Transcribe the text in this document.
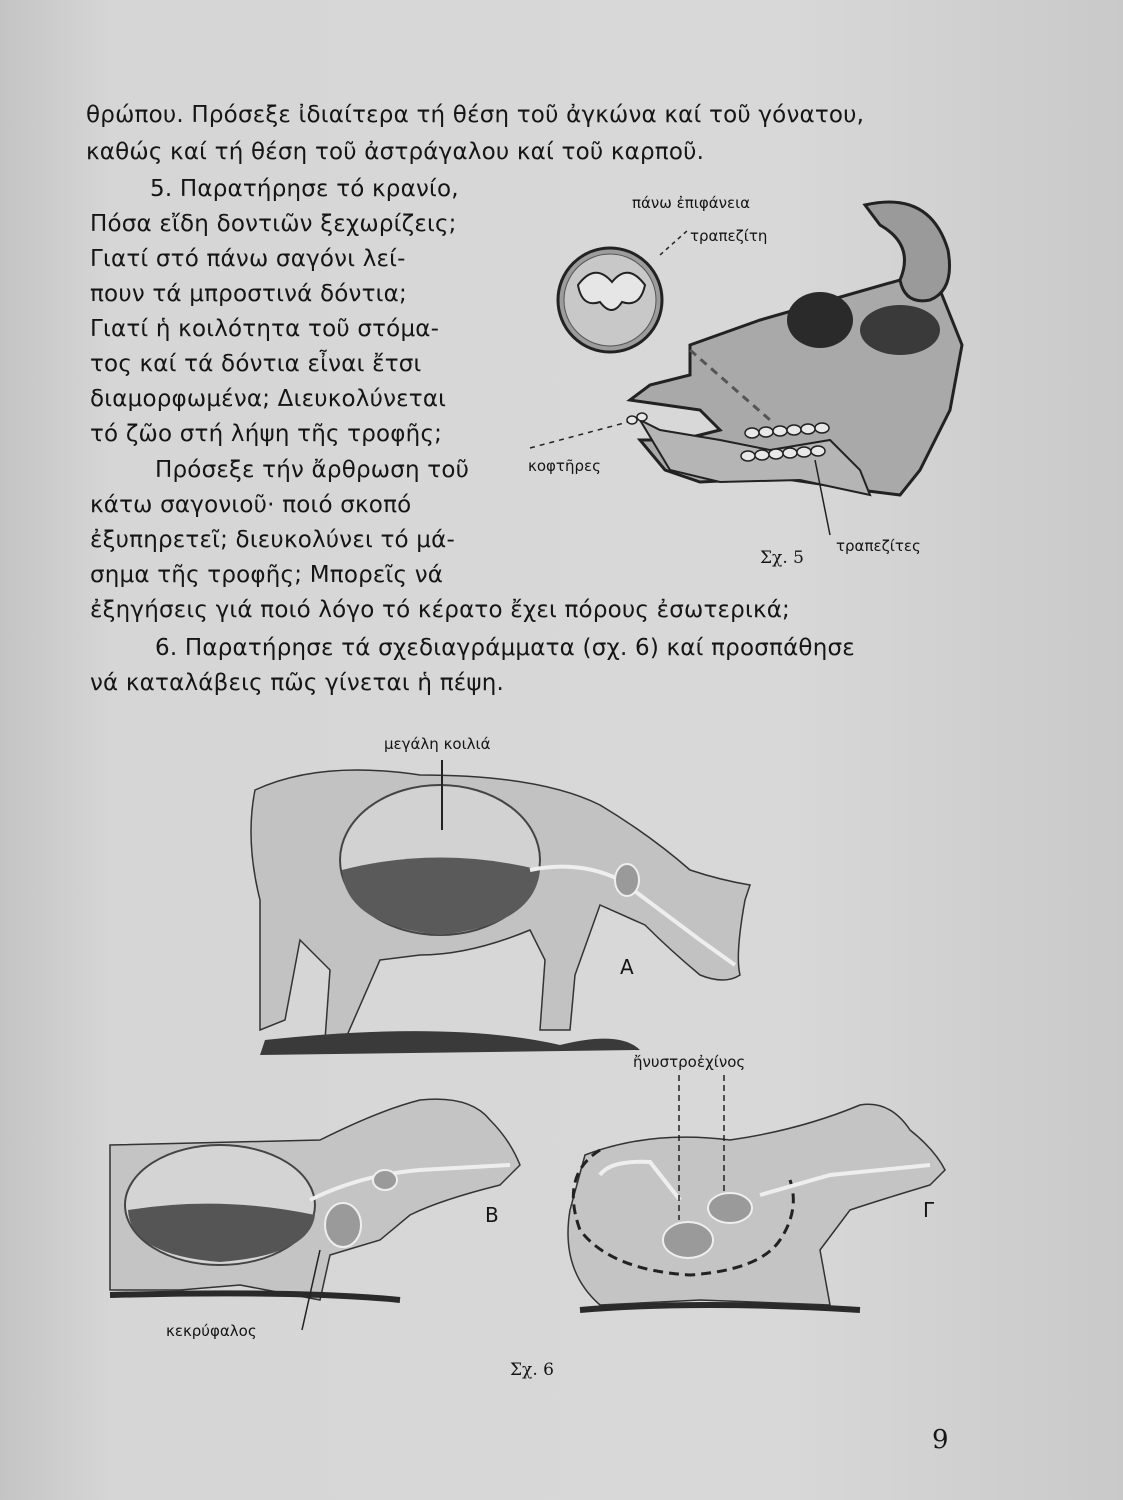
θρώπου. Πρόσεξε ἰδιαίτερα τή θέση τοῦ ἀγκώνα καί τοῦ γόνατου,
καθώς καί τή θέση τοῦ ἀστράγαλου καί τοῦ καρποῦ.
5. Παρατήρησε τό κρανίο,
Πόσα εἴδη δοντιῶν ξεχωρίζεις;
Γιατί στό πάνω σαγόνι λεί-
πουν τά μπροστινά δόντια;
Γιατί ἡ κοιλότητα τοῦ στόμα-
τος καί τά δόντια εἶναι ἔτσι
διαμορφωμένα; Διευκολύνεται
τό ζῶο στή λήψη τῆς τροφῆς;
Πρόσεξε τήν ἄρθρωση τοῦ
κάτω σαγονιοῦ· ποιό σκοπό
ἐξυπηρετεῖ; διευκολύνει τό μά-
σημα τῆς τροφῆς; Μπορεῖς νά
ἐξηγήσεις γιά ποιό λόγο τό κέρατο ἔχει πόρους ἐσωτερικά;
6. Παρατήρησε τά σχεδιαγράμματα (σχ. 6) καί προσπάθησε
νά καταλάβεις πῶς γίνεται ἡ πέψη.
πάνω ἐπιφάνεια
τραπεζίτη
κοφτῆρες
τραπεζίτες
Σχ. 5
μεγάλη κοιλιά
ἤνυστρο ἐχίνος
κεκρύφαλος
Α
Β	Γ
Σχ. 6
9
